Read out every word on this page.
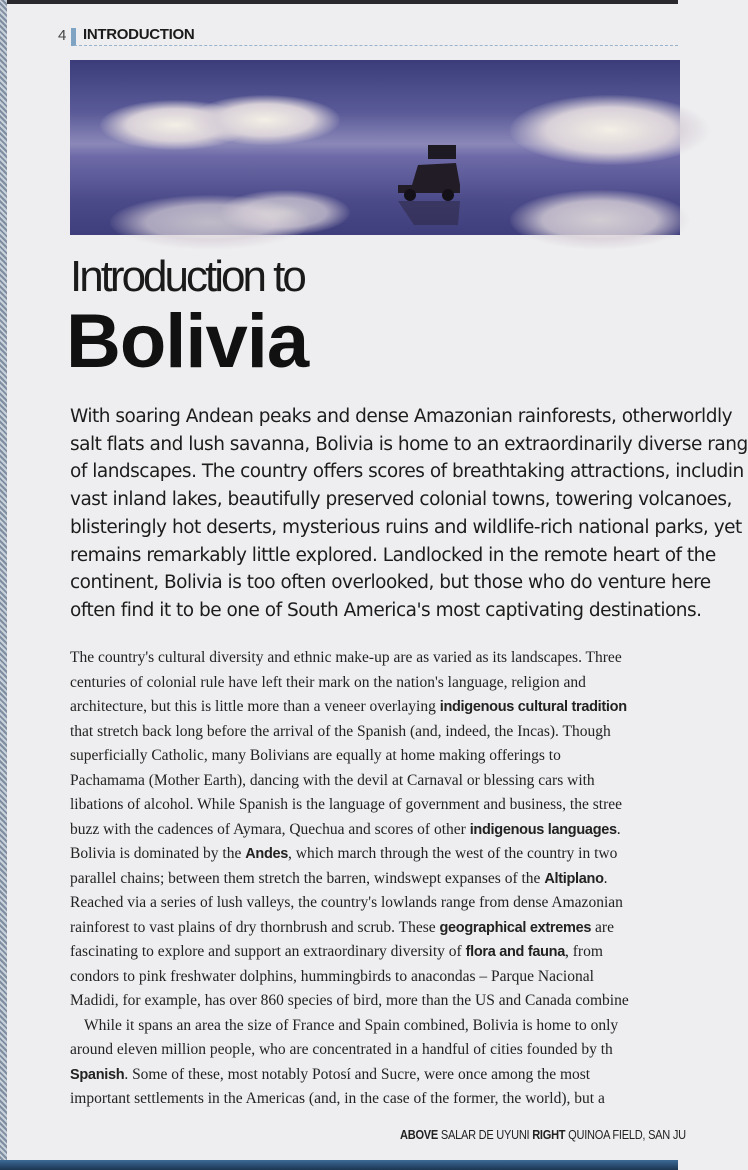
4 INTRODUCTION
Introduction to
Bolivia
With soaring Andean peaks and dense Amazonian rainforests, otherworldly
salt flats and lush savanna, Bolivia is home to an extraordinarily diverse rang
of landscapes. The country offers scores of breathtaking attractions, includin
vast inland lakes, beautifully preserved colonial towns, towering volcanoes,
blisteringly hot deserts, mysterious ruins and wildlife-rich national parks, yet
remains remarkably little explored. Landlocked in the remote heart of the
continent, Bolivia is too often overlooked, but those who do venture here
often find it to be one of South America's most captivating destinations.
The country's cultural diversity and ethnic make-up are as varied as its landscapes. Three
centuries of colonial rule have left their mark on the nation's language, religion and
architecture, but this is little more than a veneer overlaying indigenous cultural tradition
that stretch back long before the arrival of the Spanish (and, indeed, the Incas). Though
superficially Catholic, many Bolivians are equally at home making offerings to
Pachamama (Mother Earth), dancing with the devil at Carnaval or blessing cars with
libations of alcohol. While Spanish is the language of government and business, the stree
buzz with the cadences of Aymara, Quechua and scores of other indigenous languages.
Bolivia is dominated by the Andes, which march through the west of the country in two
parallel chains; between them stretch the barren, windswept expanses of the Altiplano.
Reached via a series of lush valleys, the country's lowlands range from dense Amazonian
rainforest to vast plains of dry thornbrush and scrub. These geographical extremes are
fascinating to explore and support an extraordinary diversity of flora and fauna, from
condors to pink freshwater dolphins, hummingbirds to anacondas – Parque Nacional
Madidi, for example, has over 860 species of bird, more than the US and Canada combine
While it spans an area the size of France and Spain combined, Bolivia is home to only
around eleven million people, who are concentrated in a handful of cities founded by th
Spanish. Some of these, most notably Potosí and Sucre, were once among the most
important settlements in the Americas (and, in the case of the former, the world), but a
ABOVE SALAR DE UYUNI RIGHT QUINOA FIELD, SAN JU
